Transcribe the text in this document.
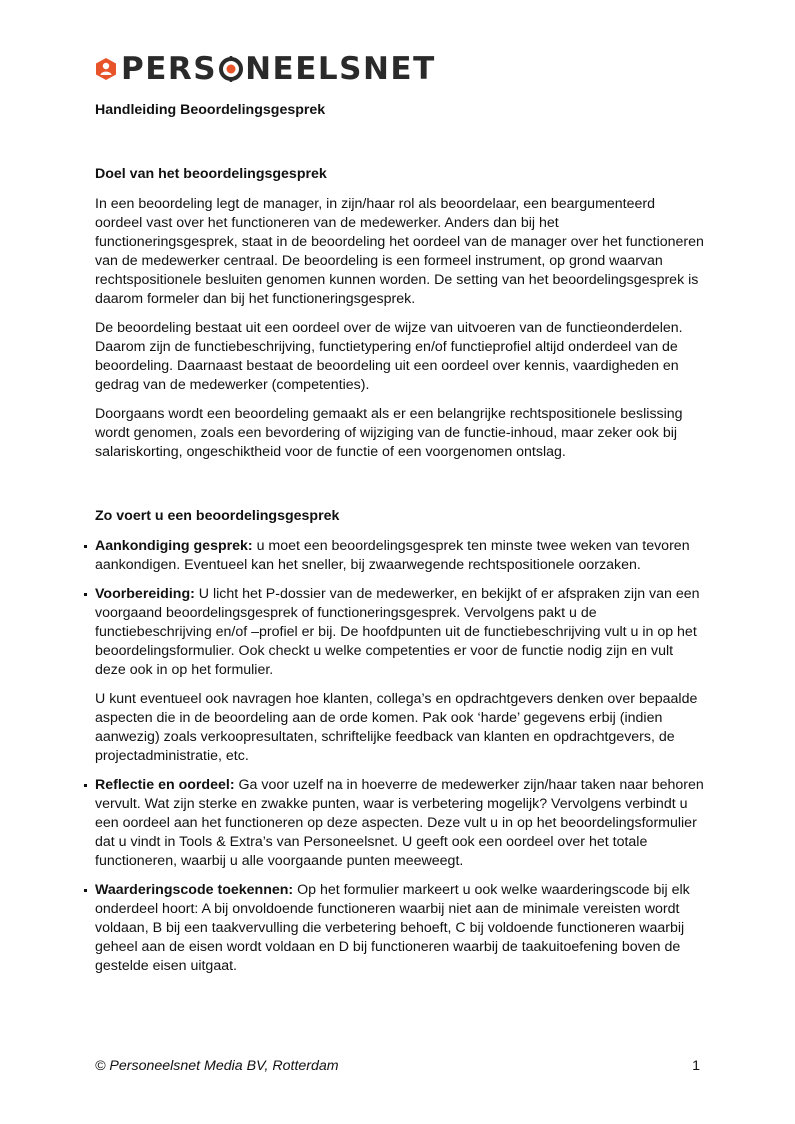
PERS NEELSNET

Handleiding Beoordelingsgesprek

Doel van het beoordelingsgesprek

In een beoordeling legt de manager, in zijn/haar rol als beoordelaar, een beargumenteerd oordeel vast over het functioneren van de medewerker. Anders dan bij het functioneringsgesprek, staat in de beoordeling het oordeel van de manager over het functioneren van de medewerker centraal. De beoordeling is een formeel instrument, op grond waarvan rechtspositionele besluiten genomen kunnen worden. De setting van het beoordelingsgesprek is daarom formeler dan bij het functioneringsgesprek.

De beoordeling bestaat uit een oordeel over de wijze van uitvoeren van de functieonderdelen. Daarom zijn de functiebeschrijving, functietypering en/of functieprofiel altijd onderdeel van de beoordeling. Daarnaast bestaat de beoordeling uit een oordeel over kennis, vaardigheden en gedrag van de medewerker (competenties).

Doorgaans wordt een beoordeling gemaakt als er een belangrijke rechtspositionele beslissing wordt genomen, zoals een bevordering of wijziging van de functie-inhoud, maar zeker ook bij salariskorting, ongeschiktheid voor de functie of een voorgenomen ontslag.

Zo voert u een beoordelingsgesprek

Aankondiging gesprek: u moet een beoordelingsgesprek ten minste twee weken van tevoren aankondigen. Eventueel kan het sneller, bij zwaarwegende rechtspositionele oorzaken.

Voorbereiding: U licht het P-dossier van de medewerker, en bekijkt of er afspraken zijn van een voorgaand beoordelingsgesprek of functioneringsgesprek. Vervolgens pakt u de functiebeschrijving en/of –profiel er bij. De hoofdpunten uit de functiebeschrijving vult u in op het beoordelingsformulier. Ook checkt u welke competenties er voor de functie nodig zijn en vult deze ook in op het formulier.

U kunt eventueel ook navragen hoe klanten, collega’s en opdrachtgevers denken over bepaalde aspecten die in de beoordeling aan de orde komen. Pak ook ‘harde’ gegevens erbij (indien aanwezig) zoals verkoopresultaten, schriftelijke feedback van klanten en opdrachtgevers, de projectadministratie, etc.

Reflectie en oordeel: Ga voor uzelf na in hoeverre de medewerker zijn/haar taken naar behoren vervult. Wat zijn sterke en zwakke punten, waar is verbetering mogelijk? Vervolgens verbindt u een oordeel aan het functioneren op deze aspecten. Deze vult u in op het beoordelingsformulier dat u vindt in Tools & Extra’s van Personeelsnet. U geeft ook een oordeel over het totale functioneren, waarbij u alle voorgaande punten meeweegt.

Waarderingscode toekennen: Op het formulier markeert u ook welke waarderingscode bij elk onderdeel hoort: A bij onvoldoende functioneren waarbij niet aan de minimale vereisten wordt voldaan, B bij een taakvervulling die verbetering behoeft, C bij voldoende functioneren waarbij geheel aan de eisen wordt voldaan en D bij functioneren waarbij de taakuitoefening boven de gestelde eisen uitgaat.

© Personeelsnet Media BV, Rotterdam	1
